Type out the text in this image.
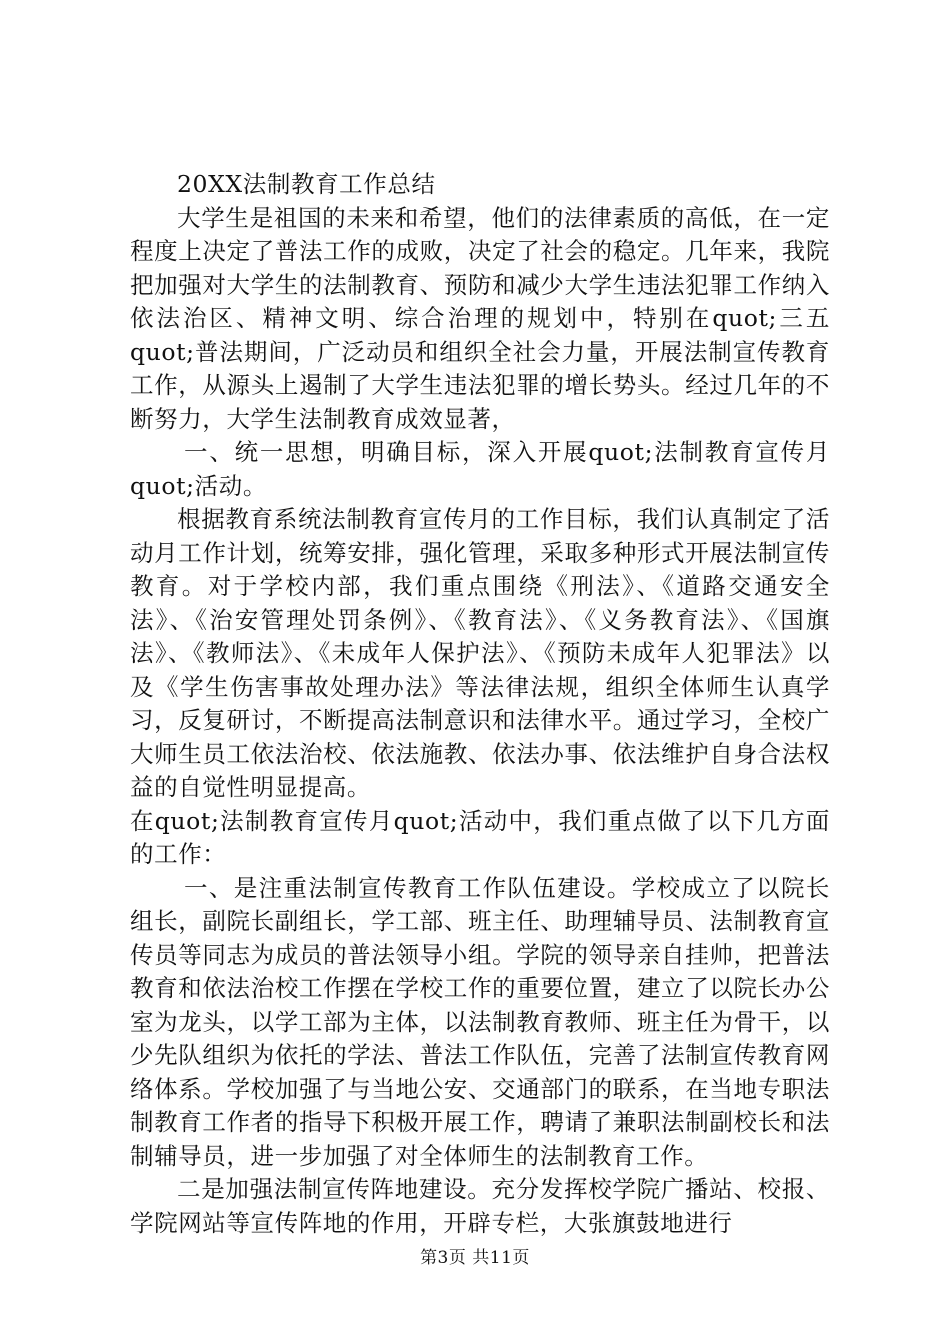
20XX法制教育工作总结

大学生是祖国的未来和希望，他们的法律素质的高低，在一定程度上决定了普法工作的成败，决定了社会的稳定。几年来，我院把加强对大学生的法制教育、预防和减少大学生违法犯罪工作纳入依法治区、精神文明、综合治理的规划中，特别在quot;三五quot;普法期间，广泛动员和组织全社会力量，开展法制宣传教育工作，从源头上遏制了大学生违法犯罪的增长势头。经过几年的不断努力，大学生法制教育成效显著，

一、统一思想，明确目标，深入开展quot;法制教育宣传月quot;活动。

根据教育系统法制教育宣传月的工作目标，我们认真制定了活动月工作计划，统筹安排，强化管理，采取多种形式开展法制宣传教育。对于学校内部，我们重点围绕《刑法》、《道路交通安全法》、《治安管理处罚条例》、《教育法》、《义务教育法》、《国旗法》、《教师法》、《未成年人保护法》、《预防未成年人犯罪法》以及《学生伤害事故处理办法》等法律法规，组织全体师生认真学习，反复研讨，不断提高法制意识和法律水平。通过学习，全校广大师生员工依法治校、依法施教、依法办事、依法维护自身合法权益的自觉性明显提高。

在quot;法制教育宣传月quot;活动中，我们重点做了以下几方面的工作：

一、是注重法制宣传教育工作队伍建设。学校成立了以院长组长，副院长副组长，学工部、班主任、助理辅导员、法制教育宣传员等同志为成员的普法领导小组。学院的领导亲自挂帅，把普法教育和依法治校工作摆在学校工作的重要位置，建立了以院长办公室为龙头，以学工部为主体，以法制教育教师、班主任为骨干，以少先队组织为依托的学法、普法工作队伍，完善了法制宣传教育网络体系。学校加强了与当地公安、交通部门的联系，在当地专职法制教育工作者的指导下积极开展工作，聘请了兼职法制副校长和法制辅导员，进一步加强了对全体师生的法制教育工作。

二是加强法制宣传阵地建设。充分发挥校学院广播站、校报、学院网站等宣传阵地的作用，开辟专栏，大张旗鼓地进行

第3页 共11页
